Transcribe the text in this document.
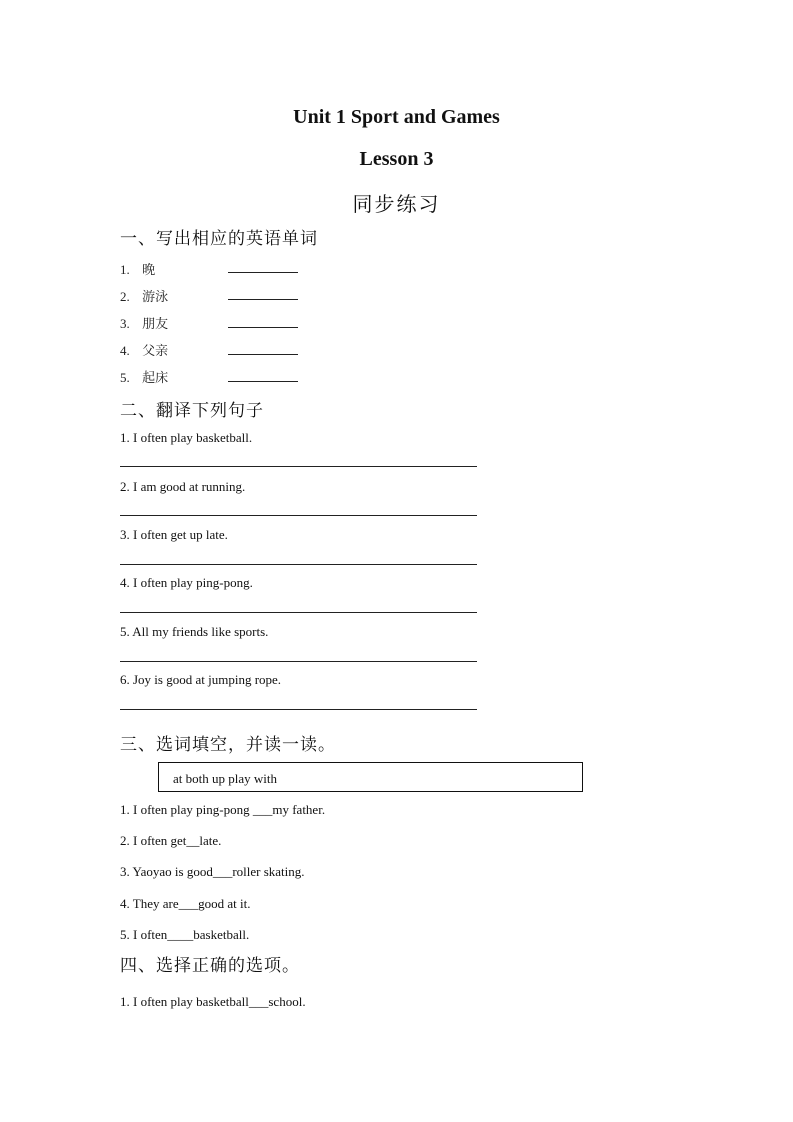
Unit 1 Sport and Games
Lesson 3
同步练习
一、写出相应的英语单词
1. 晚
2. 游泳
3. 朋友
4. 父亲
5. 起床
二、翻译下列句子
1. I often play basketball.
2. I am good at running.
3. I often get up late.
4. I often play ping-pong.
5. All my friends like sports.
6. Joy is good at jumping rope.
三、选词填空，并读一读。
at both up play with
1. I often play ping-pong ___my father.
2. I often get__late.
3. Yaoyao is good___roller skating.
4. They are___good at it.
5. I often____basketball.
四、选择正确的选项。
1. I often play basketball___school.
